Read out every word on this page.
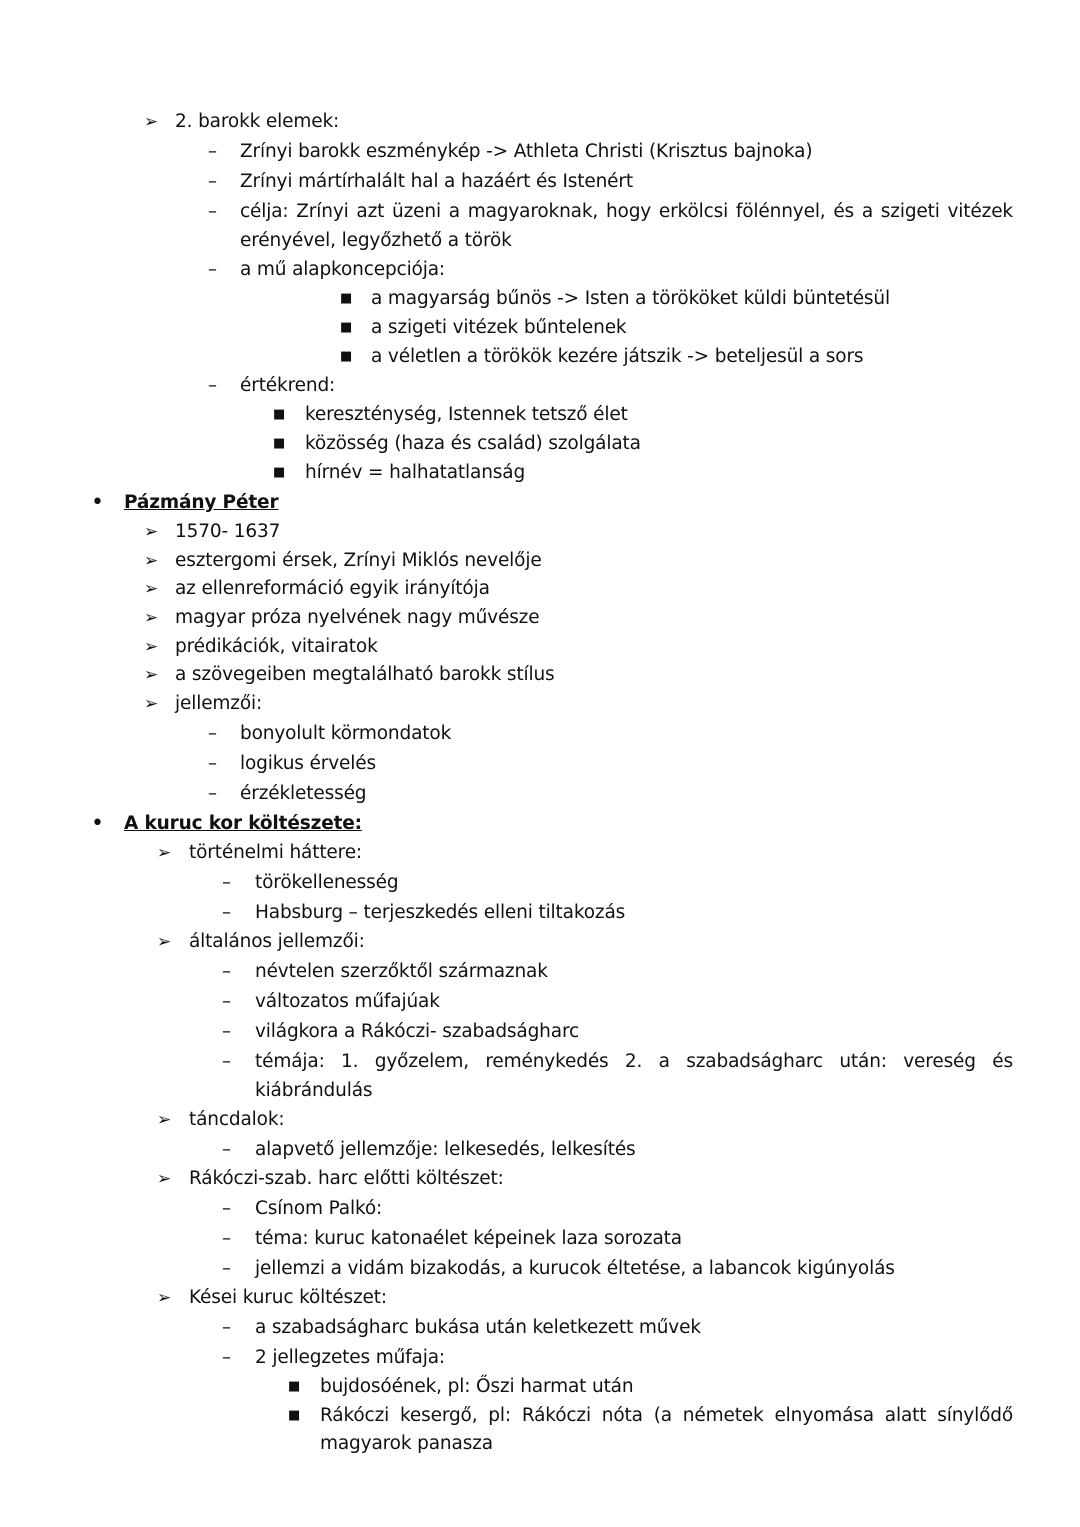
➢ 2. barokk elemek:
– Zrínyi barokk eszménykép -> Athleta Christi (Krisztus bajnoka)
– Zrínyi mártírhalált hal a hazáért és Istenért
– célja: Zrínyi azt üzeni a magyaroknak, hogy erkölcsi fölénnyel, és a szigeti vitézek
erényével, legyőzhető a török
– a mű alapkoncepciója:
■ a magyarság bűnös -> Isten a törököket küldi büntetésül
■ a szigeti vitézek bűntelenek
■ a véletlen a törökök kezére játszik -> beteljesül a sors
– értékrend:
■ kereszténység, Istennek tetsző élet
■ közösség (haza és család) szolgálata
■ hírnév = halhatatlanság
• Pázmány Péter
➢ 1570- 1637
➢ esztergomi érsek, Zrínyi Miklós nevelője
➢ az ellenreformáció egyik irányítója
➢ magyar próza nyelvének nagy művésze
➢ prédikációk, vitairatok
➢ a szövegeiben megtalálható barokk stílus
➢ jellemzői:
– bonyolult körmondatok
– logikus érvelés
– érzékletesség
• A kuruc kor költészete:
➢ történelmi háttere:
– törökellenesség
– Habsburg – terjeszkedés elleni tiltakozás
➢ általános jellemzői:
– névtelen szerzőktől származnak
– változatos műfajúak
– világkora a Rákóczi- szabadságharc
– témája: 1. győzelem, reménykedés 2. a szabadságharc után: vereség és
kiábrándulás
➢ táncdalok:
– alapvető jellemzője: lelkesedés, lelkesítés
➢ Rákóczi-szab. harc előtti költészet:
– Csínom Palkó:
– téma: kuruc katonaélet képeinek laza sorozata
– jellemzi a vidám bizakodás, a kurucok éltetése, a labancok kigúnyolás
➢ Kései kuruc költészet:
– a szabadságharc bukása után keletkezett művek
– 2 jellegzetes műfaja:
■ bujdosóének, pl: Őszi harmat után
■ Rákóczi kesergő, pl: Rákóczi nóta (a németek elnyomása alatt sínylődő
magyarok panasza
